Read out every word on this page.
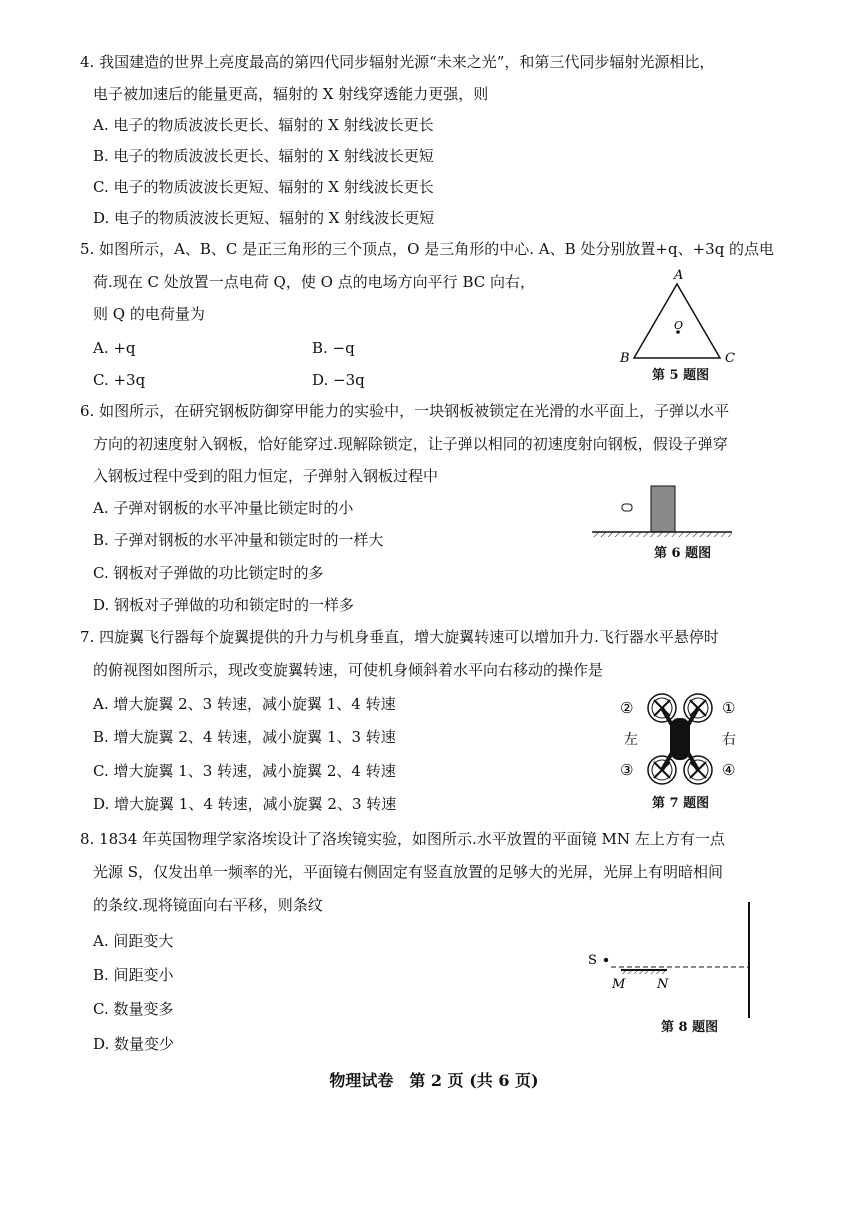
4. 我国建造的世界上亮度最高的第四代同步辐射光源“未来之光”，和第三代同步辐射光源相比，
电子被加速后的能量更高，辐射的 X 射线穿透能力更强，则
A. 电子的物质波波长更长、辐射的 X 射线波长更长
B. 电子的物质波波长更长、辐射的 X 射线波长更短
C. 电子的物质波波长更短、辐射的 X 射线波长更长
D. 电子的物质波波长更短、辐射的 X 射线波长更短
5. 如图所示，A、B、C 是正三角形的三个顶点，O 是三角形的中心. A、B 处分别放置+q、+3q 的点电
荷.现在 C 处放置一点电荷 Q，使 O 点的电场方向平行 BC 向右，
则 Q 的电荷量为
A. +q	B. −q
C. +3q	D. −3q
A
B	C
O
第 5 题图
6. 如图所示，在研究钢板防御穿甲能力的实验中，一块钢板被锁定在光滑的水平面上，子弹以水平
方向的初速度射入钢板，恰好能穿过.现解除锁定，让子弹以相同的初速度射向钢板，假设子弹穿
入钢板过程中受到的阻力恒定，子弹射入钢板过程中
A. 子弹对钢板的水平冲量比锁定时的小
B. 子弹对钢板的水平冲量和锁定时的一样大
C. 钢板对子弹做的功比锁定时的多
D. 钢板对子弹做的功和锁定时的一样多
第 6 题图
7. 四旋翼飞行器每个旋翼提供的升力与机身垂直，增大旋翼转速可以增加升力.飞行器水平悬停时
的俯视图如图所示，现改变旋翼转速，可使机身倾斜着水平向右移动的操作是
A. 增大旋翼 2、3 转速，减小旋翼 1、4 转速
B. 增大旋翼 2、4 转速，减小旋翼 1、3 转速
C. 增大旋翼 1、3 转速，减小旋翼 2、4 转速
D. 增大旋翼 1、4 转速，减小旋翼 2、3 转速
②	①
③	④
左	右
第 7 题图
8. 1834 年英国物理学家洛埃设计了洛埃镜实验，如图所示.水平放置的平面镜 MN 左上方有一点
光源 S，仅发出单一频率的光，平面镜右侧固定有竖直放置的足够大的光屏，光屏上有明暗相间
的条纹.现将镜面向右平移，则条纹
A. 间距变大
B. 间距变小
C. 数量变多
D. 数量变少
S
M N
第 8 题图
物理试卷　第 2 页 (共 6 页)
